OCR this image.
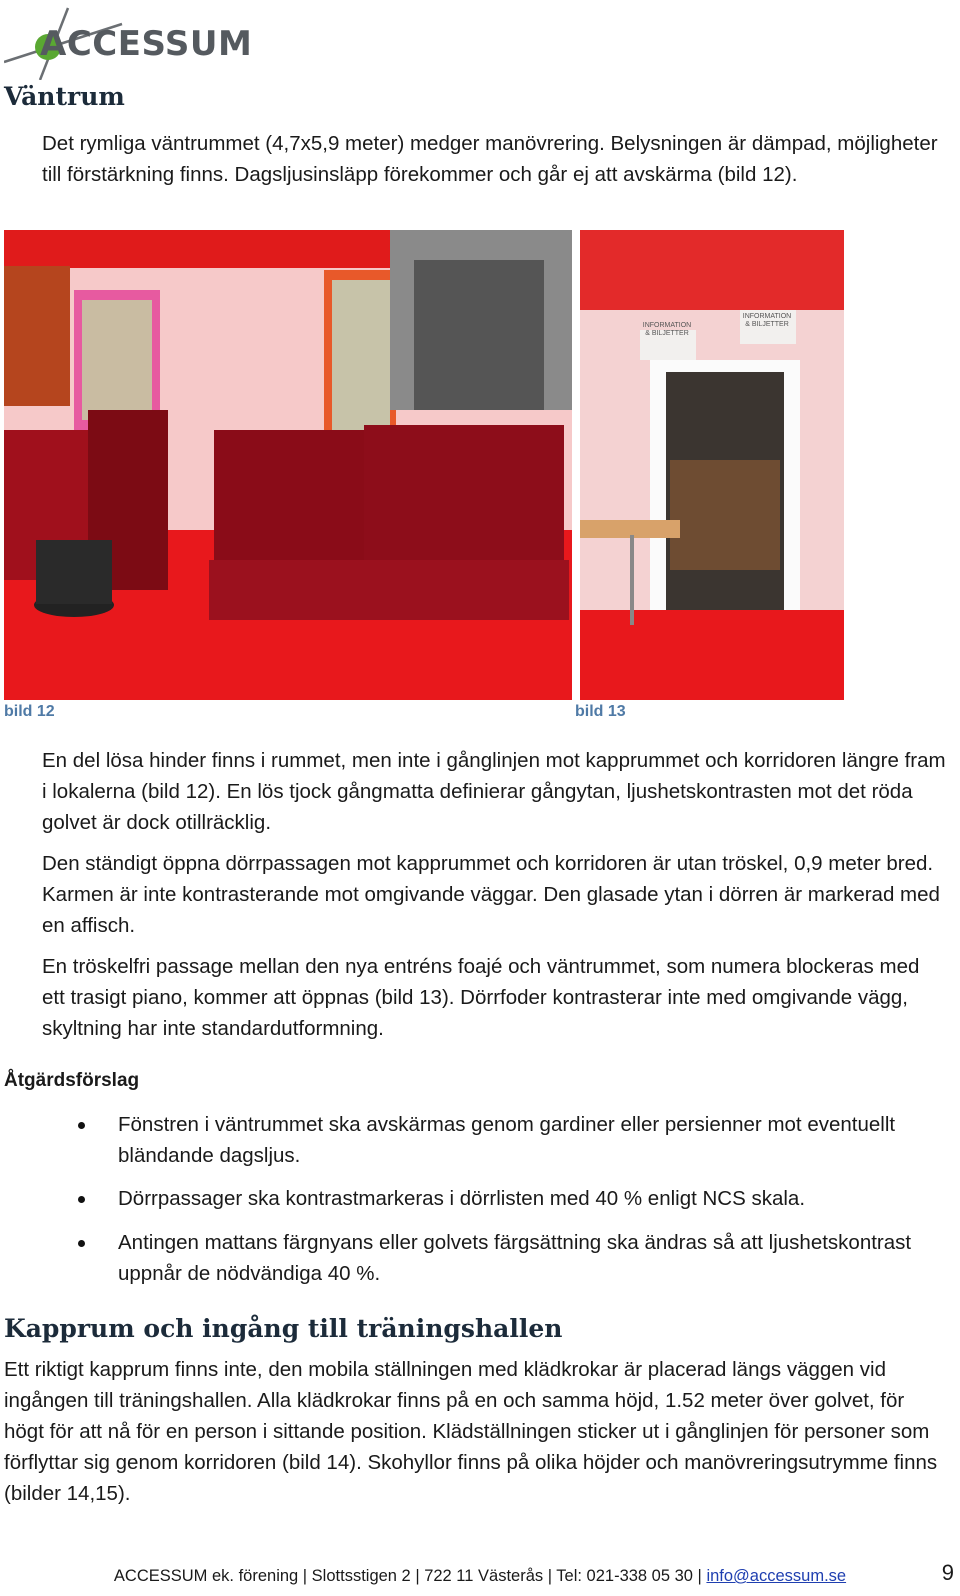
ACCESSUM
Väntrum
Det rymliga väntrummet (4,7x5,9 meter) medger manövrering. Belysningen är dämpad, möjligheter till förstärkning finns. Dagsljusinsläpp förekommer och går ej att avskärma (bild 12).
INFORMATION & BILJETTER
INFORMATION & BILJETTER
bild 12	bild 13
En del lösa hinder finns i rummet, men inte i gånglinjen mot kapprummet och korridoren längre fram i lokalerna (bild 12). En lös tjock gångmatta definierar gångytan, ljushetskontrasten mot det röda golvet är dock otillräcklig.
Den ständigt öppna dörrpassagen mot kapprummet och korridoren är utan tröskel, 0,9 meter bred. Karmen är inte kontrasterande mot omgivande väggar. Den glasade ytan i dörren är markerad med en affisch.
En tröskelfri passage mellan den nya entréns foajé och väntrummet, som numera blockeras med ett trasigt piano, kommer att öppnas (bild 13). Dörrfoder kontrasterar inte med omgivande vägg, skyltning har inte standardutformning.
Åtgärdsförslag
Fönstren i väntrummet ska avskärmas genom gardiner eller persienner mot eventuellt bländande dagsljus.
Dörrpassager ska kontrastmarkeras i dörrlisten med 40 % enligt NCS skala.
Antingen mattans färgnyans eller golvets färgsättning ska ändras så att ljushetskontrast uppnår de nödvändiga 40 %.
Kapprum och ingång till träningshallen
Ett riktigt kapprum finns inte, den mobila ställningen med klädkrokar är placerad längs väggen vid ingången till träningshallen. Alla klädkrokar finns på en och samma höjd, 1.52 meter över golvet, för högt för att nå för en person i sittande position. Klädställningen sticker ut i gånglinjen för personer som förflyttar sig genom korridoren (bild 14). Skohyllor finns på olika höjder och manövreringsutrymme finns (bilder 14,15).
ACCESSUM ek. förening | Slottsstigen 2 | 722 11 Västerås | Tel: 021-338 05 30 | info@accessum.se	9
